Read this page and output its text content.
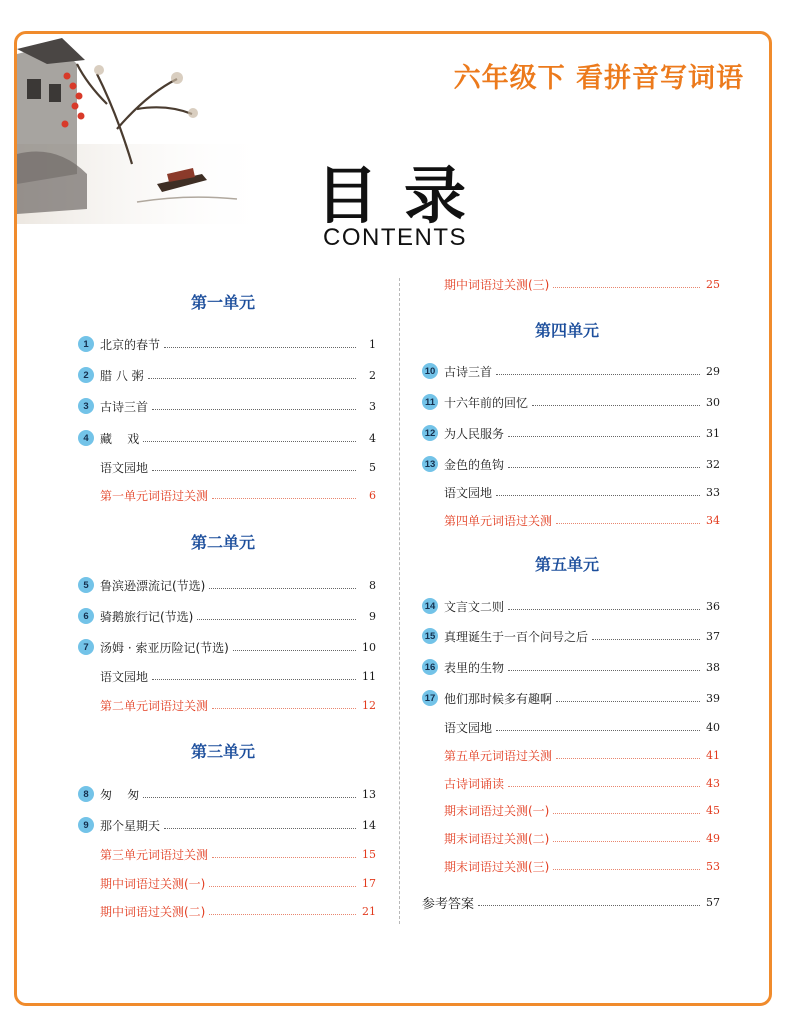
六年级下 看拼音写词语
目录
CONTENTS
第一单元
第二单元
第三单元
第四单元
第五单元
1 北京的春节	1
2 腊 八 粥	2
3 古诗三首	3
4 藏    戏	4
语文园地	5
第一单元词语过关测	6
5 鲁滨逊漂流记(节选)	8
6 骑鹅旅行记(节选)	9
7 汤姆 · 索亚历险记(节选)	10
语文园地	11
第二单元词语过关测	12
8 匆    匆	13
9 那个星期天	14
第三单元词语过关测	15
期中词语过关测(一)	17
期中词语过关测(二)	21
期中词语过关测(三)	25
10 古诗三首	29
11 十六年前的回忆	30
12 为人民服务	31
13 金色的鱼钩	32
语文园地	33
第四单元词语过关测	34
14 文言文二则	36
15 真理诞生于一百个问号之后	37
16 表里的生物	38
17 他们那时候多有趣啊	39
语文园地	40
第五单元词语过关测	41
古诗词诵读	43
期末词语过关测(一)	45
期末词语过关测(二)	49
期末词语过关测(三)	53
参考答案	57
